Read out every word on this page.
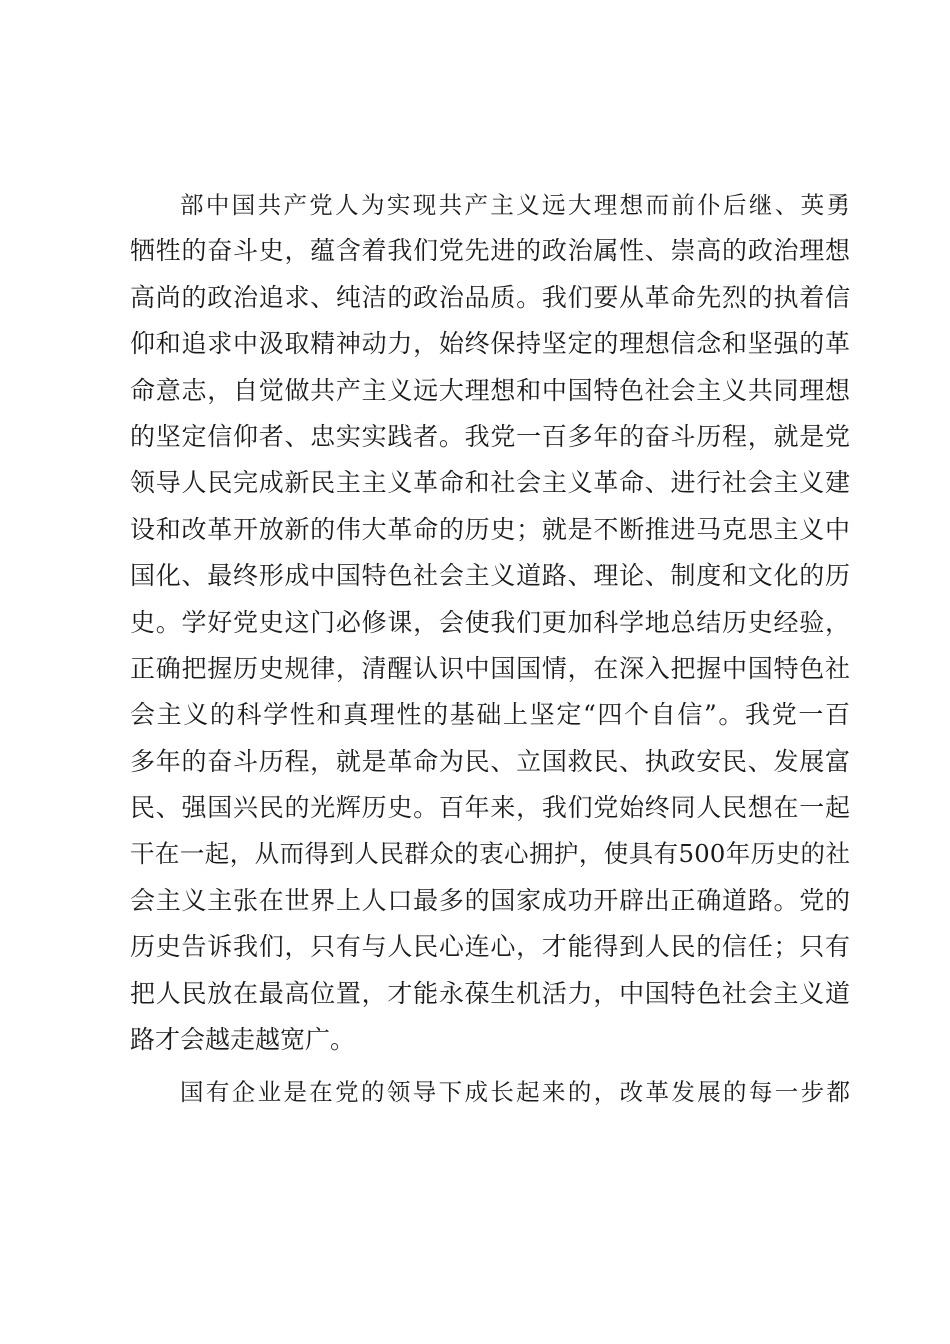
部中国共产党人为实现共产主义远大理想而前仆后继、英勇
牺牲的奋斗史，蕴含着我们党先进的政治属性、崇高的政治理想
高尚的政治追求、纯洁的政治品质。我们要从革命先烈的执着信
仰和追求中汲取精神动力，始终保持坚定的理想信念和坚强的革
命意志，自觉做共产主义远大理想和中国特色社会主义共同理想
的坚定信仰者、忠实实践者。我党一百多年的奋斗历程，就是党
领导人民完成新民主主义革命和社会主义革命、进行社会主义建
设和改革开放新的伟大革命的历史；就是不断推进马克思主义中
国化、最终形成中国特色社会主义道路、理论、制度和文化的历
史。学好党史这门必修课，会使我们更加科学地总结历史经验，
正确把握历史规律，清醒认识中国国情，在深入把握中国特色社
会主义的科学性和真理性的基础上坚定“四个自信”。我党一百
多年的奋斗历程，就是革命为民、立国救民、执政安民、发展富
民、强国兴民的光辉历史。百年来，我们党始终同人民想在一起
干在一起，从而得到人民群众的衷心拥护，使具有500年历史的社
会主义主张在世界上人口最多的国家成功开辟出正确道路。党的
历史告诉我们，只有与人民心连心，才能得到人民的信任；只有
把人民放在最高位置，才能永葆生机活力，中国特色社会主义道
路才会越走越宽广。
国有企业是在党的领导下成长起来的，改革发展的每一步都
